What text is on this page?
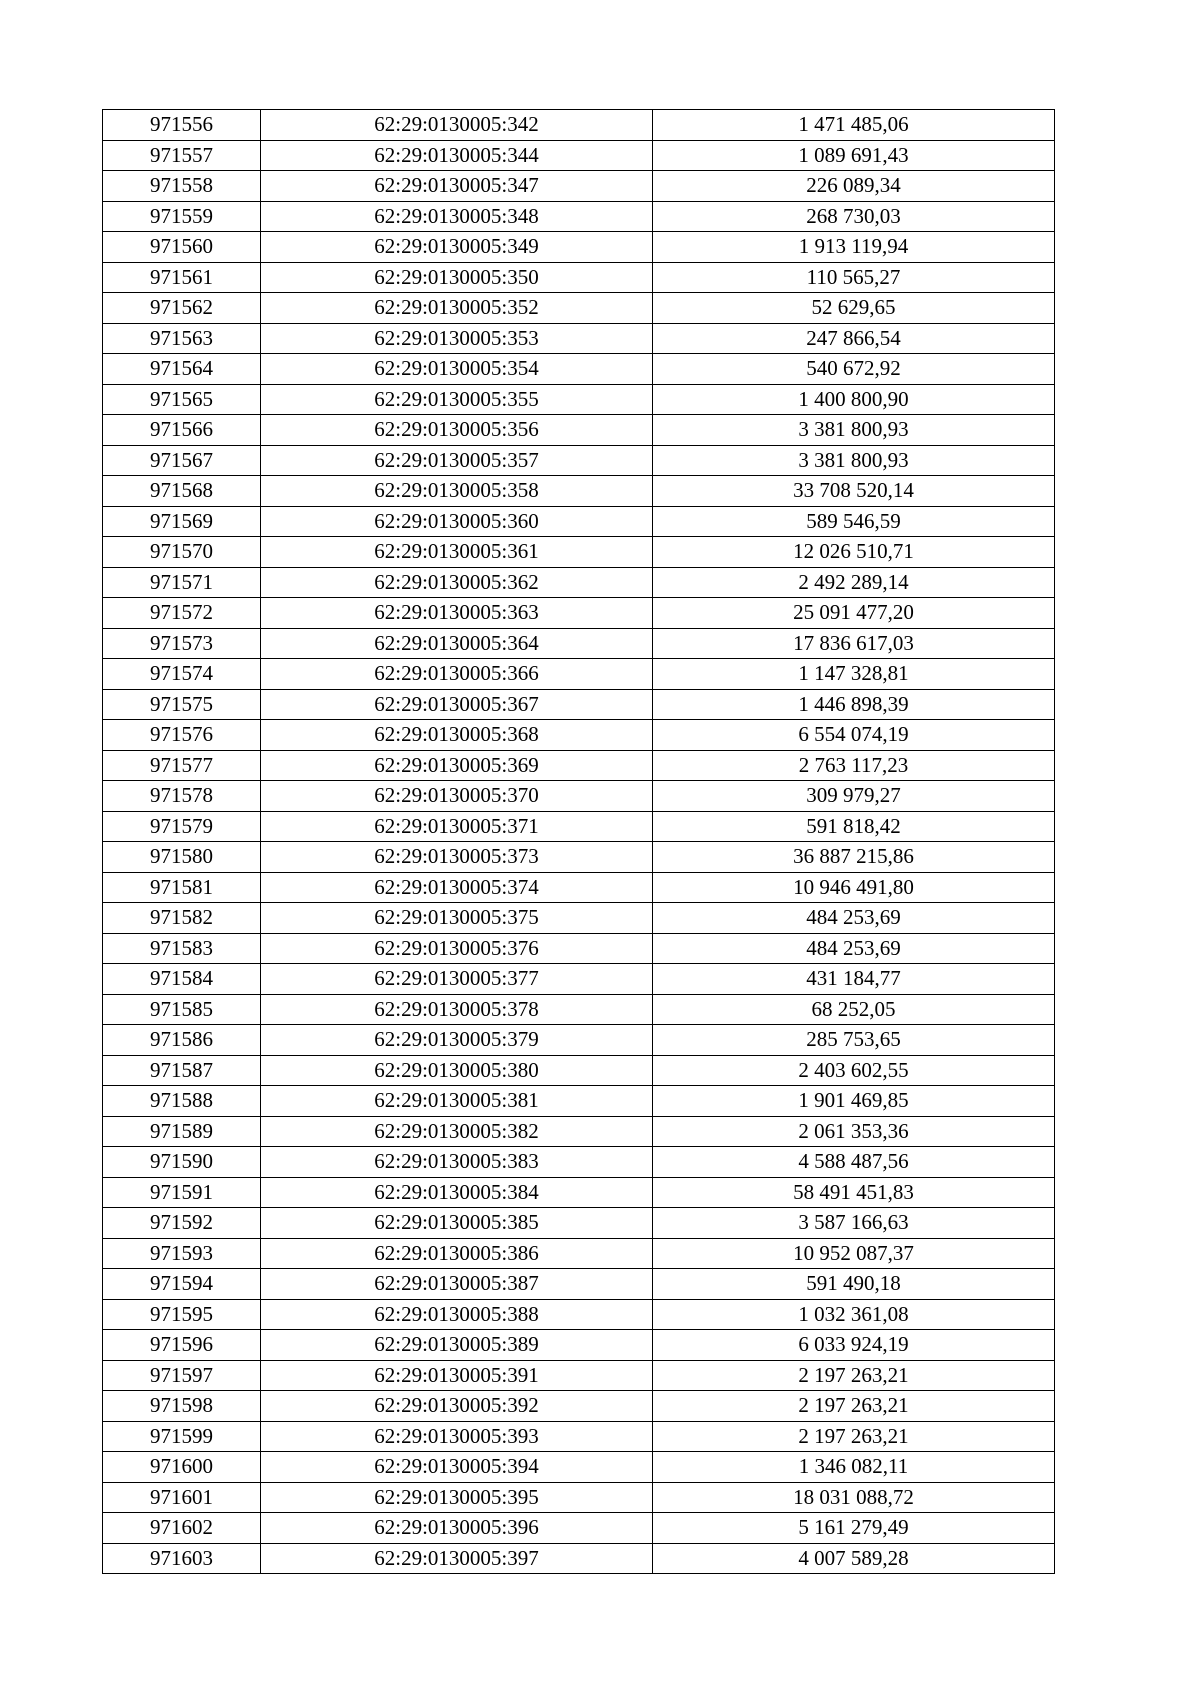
971556	62:29:0130005:342	1 471 485,06
971557	62:29:0130005:344	1 089 691,43
971558	62:29:0130005:347	226 089,34
971559	62:29:0130005:348	268 730,03
971560	62:29:0130005:349	1 913 119,94
971561	62:29:0130005:350	110 565,27
971562	62:29:0130005:352	52 629,65
971563	62:29:0130005:353	247 866,54
971564	62:29:0130005:354	540 672,92
971565	62:29:0130005:355	1 400 800,90
971566	62:29:0130005:356	3 381 800,93
971567	62:29:0130005:357	3 381 800,93
971568	62:29:0130005:358	33 708 520,14
971569	62:29:0130005:360	589 546,59
971570	62:29:0130005:361	12 026 510,71
971571	62:29:0130005:362	2 492 289,14
971572	62:29:0130005:363	25 091 477,20
971573	62:29:0130005:364	17 836 617,03
971574	62:29:0130005:366	1 147 328,81
971575	62:29:0130005:367	1 446 898,39
971576	62:29:0130005:368	6 554 074,19
971577	62:29:0130005:369	2 763 117,23
971578	62:29:0130005:370	309 979,27
971579	62:29:0130005:371	591 818,42
971580	62:29:0130005:373	36 887 215,86
971581	62:29:0130005:374	10 946 491,80
971582	62:29:0130005:375	484 253,69
971583	62:29:0130005:376	484 253,69
971584	62:29:0130005:377	431 184,77
971585	62:29:0130005:378	68 252,05
971586	62:29:0130005:379	285 753,65
971587	62:29:0130005:380	2 403 602,55
971588	62:29:0130005:381	1 901 469,85
971589	62:29:0130005:382	2 061 353,36
971590	62:29:0130005:383	4 588 487,56
971591	62:29:0130005:384	58 491 451,83
971592	62:29:0130005:385	3 587 166,63
971593	62:29:0130005:386	10 952 087,37
971594	62:29:0130005:387	591 490,18
971595	62:29:0130005:388	1 032 361,08
971596	62:29:0130005:389	6 033 924,19
971597	62:29:0130005:391	2 197 263,21
971598	62:29:0130005:392	2 197 263,21
971599	62:29:0130005:393	2 197 263,21
971600	62:29:0130005:394	1 346 082,11
971601	62:29:0130005:395	18 031 088,72
971602	62:29:0130005:396	5 161 279,49
971603	62:29:0130005:397	4 007 589,28
